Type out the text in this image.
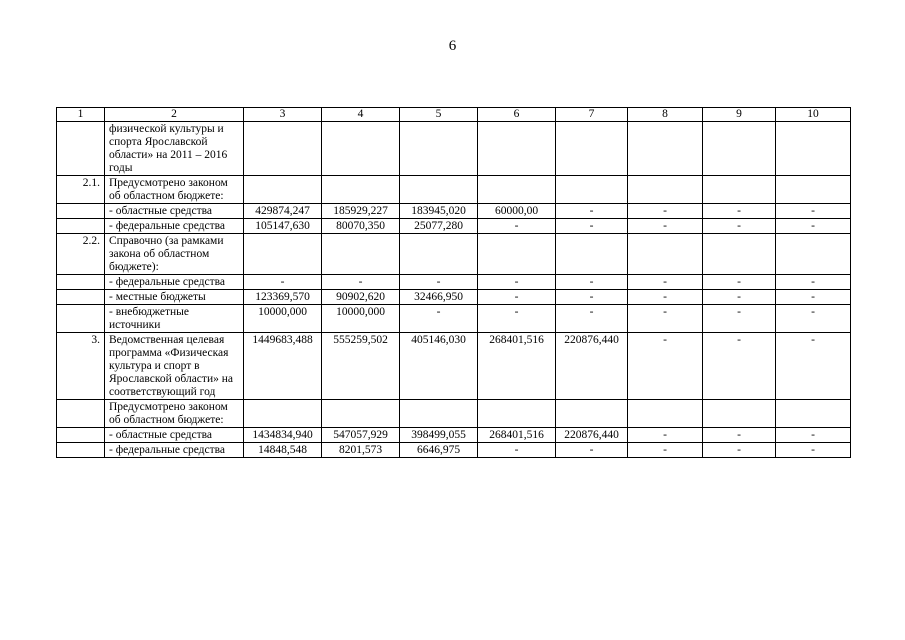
6
1	2	3	4	5	6	7	8	9	10
	физической культуры и спорта Ярославской области» на 2011 – 2016 годы								
2.1.	Предусмотрено законом об областном бюджете:								
	- областные средства	429874,247	185929,227	183945,020	60000,00	-	-	-	-
	- федеральные средства	105147,630	80070,350	25077,280	-	-	-	-	-
2.2.	Справочно (за рамками закона об областном бюджете):								
	- федеральные средства	-	-	-	-	-	-	-	-
	- местные бюджеты	123369,570	90902,620	32466,950	-	-	-	-	-
	- внебюджетные источники	10000,000	10000,000	-	-	-	-	-	-
3.	Ведомственная целевая программа «Физическая культура и спорт в Ярославской области» на соответствующий год	1449683,488	555259,502	405146,030	268401,516	220876,440	-	-	-
	Предусмотрено законом об областном бюджете:								
	- областные средства	1434834,940	547057,929	398499,055	268401,516	220876,440	-	-	-
	- федеральные средства	14848,548	8201,573	6646,975	-	-	-	-	-
